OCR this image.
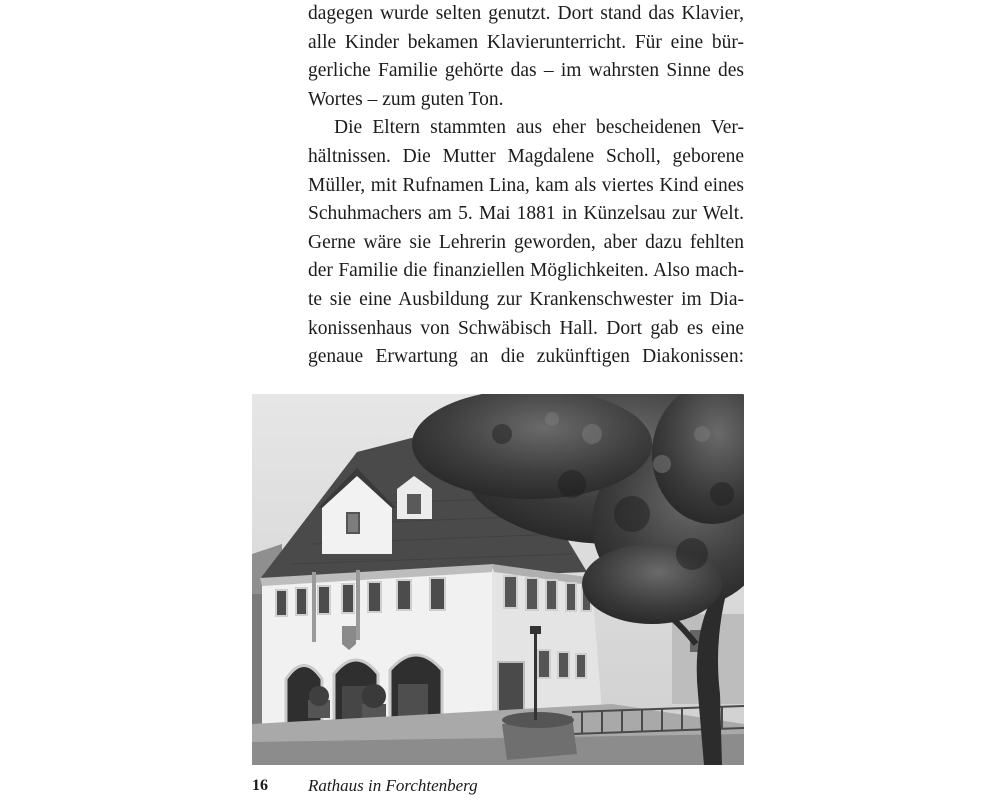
dagegen wurde selten genutzt. Dort stand das Klavier,
alle Kinder bekamen Klavierunterricht. Für eine bür-
gerliche Familie gehörte das – im wahrsten Sinne des
Wortes – zum guten Ton.

Die Eltern stammten aus eher bescheidenen Ver-
hältnissen. Die Mutter Magdalene Scholl, geborene
Müller, mit Rufnamen Lina, kam als viertes Kind eines
Schuhmachers am 5. Mai 1881 in Künzelsau zur Welt.
Gerne wäre sie Lehrerin geworden, aber dazu fehlten
der Familie die finanziellen Möglichkeiten. Also mach-
te sie eine Ausbildung zur Krankenschwester im Dia-
konissenhaus von Schwäbisch Hall. Dort gab es eine
genaue Erwartung an die zukünftigen Diakonissen:

16 Rathaus in Forchtenberg
